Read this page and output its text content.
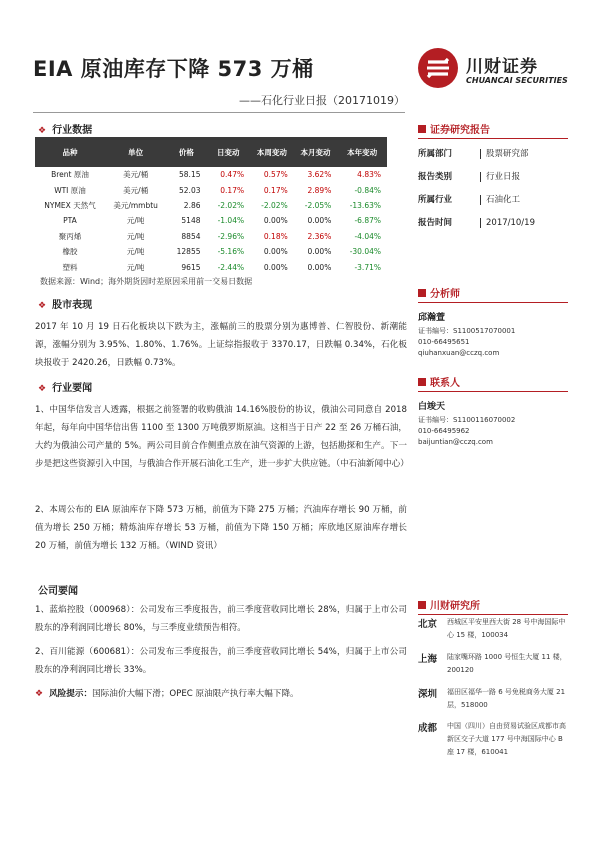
EIA 原油库存下降 573 万桶
——石化行业日报（20171019）
川财证券
CHUANCAI SECURITIES
❖ 行业数据
品种	单位	价格	日变动	本周变动	本月变动	本年变动
Brent 原油	美元/桶	58.15	0.47%	0.57%	3.62%	4.83%
WTI 原油	美元/桶	52.03	0.17%	0.17%	2.89%	-0.84%
NYMEX 天然气	美元/mmbtu	2.86	-2.02%	-2.02%	-2.05%	-13.63%
PTA	元/吨	5148	-1.04%	0.00%	0.00%	-6.87%
聚丙烯	元/吨	8854	-2.96%	0.18%	2.36%	-4.04%
橡胶	元/吨	12855	-5.16%	0.00%	0.00%	-30.04%
塑料	元/吨	9615	-2.44%	0.00%	0.00%	-3.71%
数据来源：Wind；海外期货因时差原因采用前一交易日数据
❖ 股市表现
2017 年 10 月 19 日石化板块以下跌为主，涨幅前三的股票分别为惠博普、仁智股份、新潮能源，涨幅分别为 3.95%、1.80%、1.76%。上证综指报收于 3370.17，日跌幅 0.34%，石化板块报收于 2420.26，日跌幅 0.73%。
❖ 行业要闻
1、中国华信发言人透露，根据之前签署的收购俄油 14.16%股份的协议，俄油公司同意自 2018 年起，每年向中国华信出售 1100 至 1300 万吨俄罗斯原油。这相当于日产 22 至 26 万桶石油，大约为俄油公司产量的 5%。两公司目前合作侧重点放在油气资源的上游，包括勘探和生产。下一步是把这些资源引入中国，与俄油合作开展石油化工生产，进一步扩大供应链。（中石油新闻中心）
2、本周公布的 EIA 原油库存下降 573 万桶，前值为下降 275 万桶；汽油库存增长 90 万桶，前值为增长 250 万桶；精炼油库存增长 53 万桶，前值为下降 150 万桶；库欣地区原油库存增长 20 万桶，前值为增长 132 万桶。（WIND 资讯）
公司要闻
1、蓝焰控股（000968）：公司发布三季度报告，前三季度营收同比增长 28%，归属于上市公司股东的净利润同比增长 80%，与三季度业绩预告相符。
2、百川能源（600681）：公司发布三季度报告，前三季度营收同比增长 54%，归属于上市公司股东的净利润同比增长 33%。
❖ 风险提示：国际油价大幅下滑；OPEC 原油限产执行率大幅下降。
证券研究报告
所属部门	股票研究部
报告类别	行业日报
所属行业	石油化工
报告时间	2017/10/19
分析师
邱瀚萱
证书编号：S1100517070001
010-66495651
qiuhanxuan@cczq.com
联系人
白竣天
证书编号：S1100116070002
010-66495962
baijuntian@cczq.com
川财研究所
北京 西城区平安里西大街 28 号中海国际中心 15 楼，100034
上海 陆家嘴环路 1000 号恒生大厦 11 楼，200120
深圳 福田区福华一路 6 号免税商务大厦 21 层，518000
成都 中国（四川）自由贸易试验区成都市高新区交子大道 177 号中海国际中心 B 座 17 楼，610041
